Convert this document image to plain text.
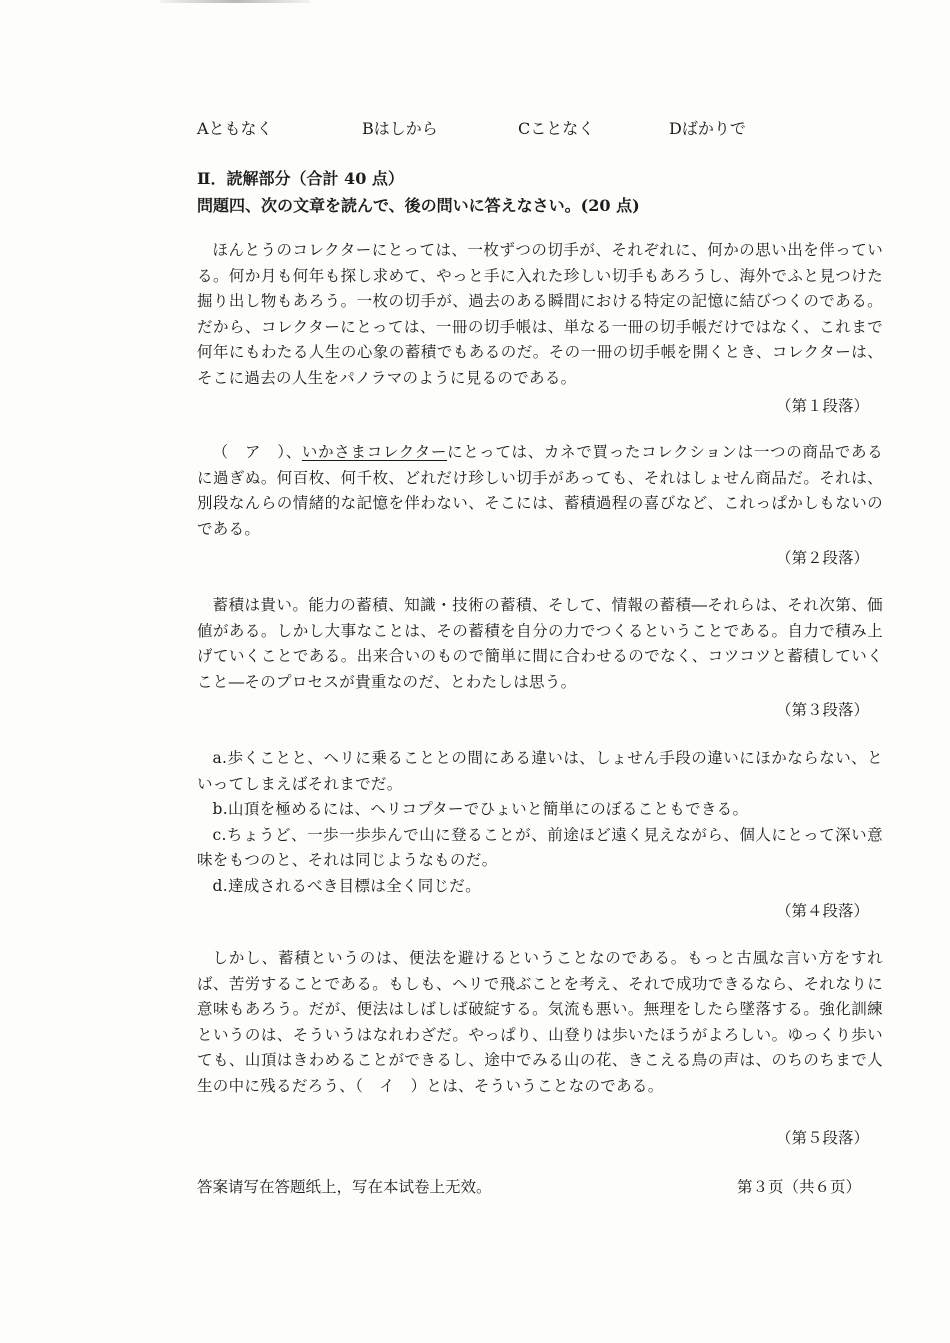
Aともなく	Bはしから	Cことなく	Dばかりで
Ⅱ．読解部分（合計 40 点）
問題四、次の文章を読んで、後の問いに答えなさい。(20 点)
ほんとうのコレクターにとっては、一枚ずつの切手が、それぞれに、何かの思い出を伴っている。何か月も何年も探し求めて、やっと手に入れた珍しい切手もあろうし、海外でふと見つけた掘り出し物もあろう。一枚の切手が、過去のある瞬間における特定の記憶に結びつくのである。だから、コレクターにとっては、一冊の切手帳は、単なる一冊の切手帳だけではなく、これまで何年にもわたる人生の心象の蓄積でもあるのだ。その一冊の切手帳を開くとき、コレクターは、そこに過去の人生をパノラマのように見るのである。
（第１段落）
（　ア　）、いかさまコレクターにとっては、カネで買ったコレクションは一つの商品であるに過ぎぬ。何百枚、何千枚、どれだけ珍しい切手があっても、それはしょせん商品だ。それは、別段なんらの情緒的な記憶を伴わない、そこには、蓄積過程の喜びなど、これっぱかしもないのである。
（第２段落）
蓄積は貴い。能力の蓄積、知識・技術の蓄積、そして、情報の蓄積―それらは、それ次第、価値がある。しかし大事なことは、その蓄積を自分の力でつくるということである。自力で積み上げていくことである。出来合いのもので簡単に間に合わせるのでなく、コツコツと蓄積していくこと―そのプロセスが貴重なのだ、とわたしは思う。
（第３段落）
a.歩くことと、ヘリに乗ることとの間にある違いは、しょせん手段の違いにほかならない、といってしまえばそれまでだ。
b.山頂を極めるには、ヘリコプターでひょいと簡単にのぼることもできる。
c.ちょうど、一歩一歩歩んで山に登ることが、前途ほど遠く見えながら、個人にとって深い意味をもつのと、それは同じようなものだ。
d.達成されるべき目標は全く同じだ。
（第４段落）
しかし、蓄積というのは、便法を避けるということなのである。もっと古風な言い方をすれば、苦労することである。もしも、ヘリで飛ぶことを考え、それで成功できるなら、それなりに意味もあろう。だが、便法はしばしば破綻する。気流も悪い。無理をしたら墜落する。強化訓練というのは、そういうはなれわざだ。やっぱり、山登りは歩いたほうがよろしい。ゆっくり歩いても、山頂はきわめることができるし、途中でみる山の花、きこえる鳥の声は、のちのちまで人生の中に残るだろう、（　イ　）とは、そういうことなのである。
（第５段落）
答案请写在答题纸上，写在本试卷上无效。	第３页（共６页）
